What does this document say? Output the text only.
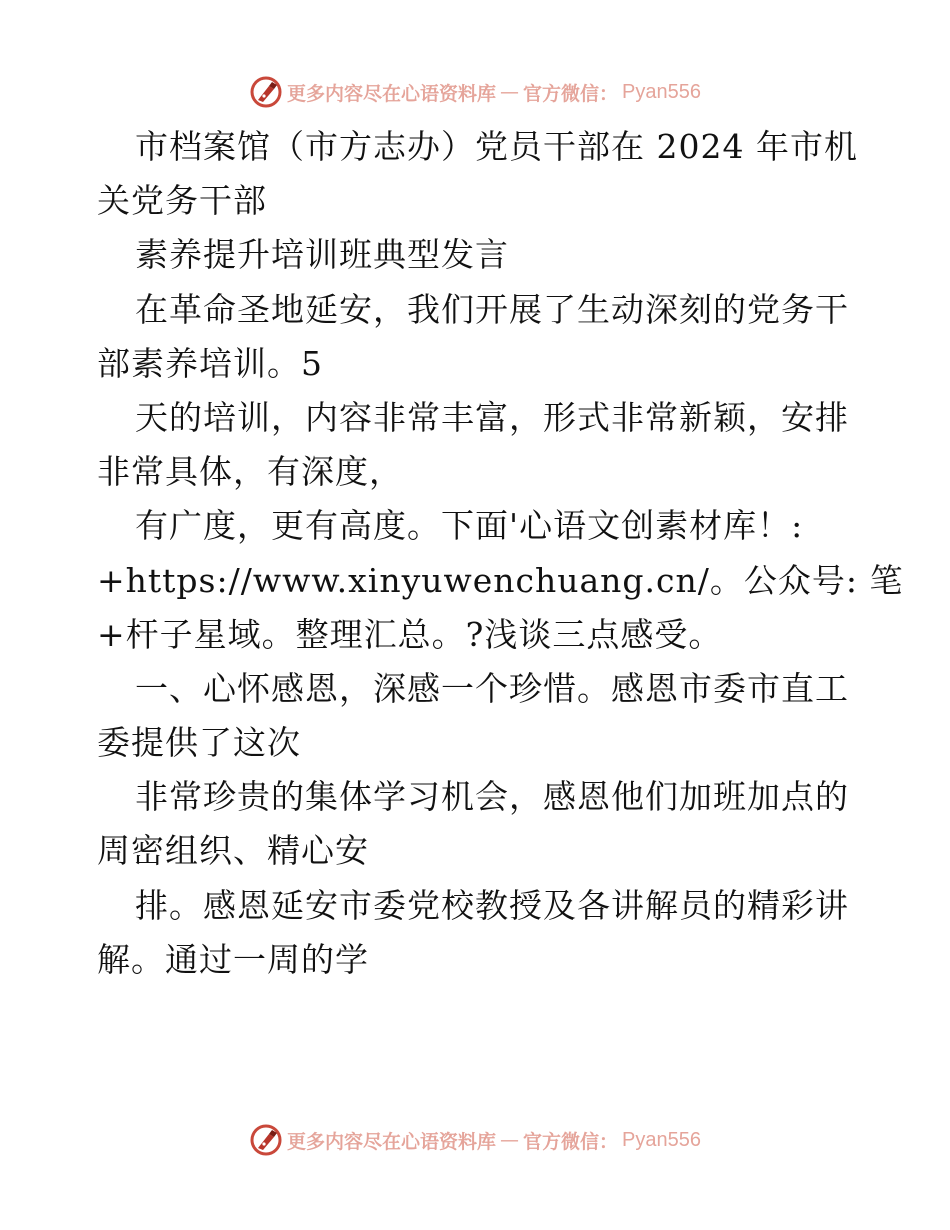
更多内容尽在心语资料库 — 官方微信： Pyan556
市档案馆（市方志办）党员干部在 2024 年市机
关党务干部
素养提升培训班典型发言
在革命圣地延安，我们开展了生动深刻的党务干
部素养培训。5
天的培训，内容非常丰富，形式非常新颖，安排
非常具体，有深度，
有广度，更有高度。下面'心语文创素材库！:
+https://www.xinyuwenchuang.cn/。公众号: 笔
+杆子星域。整理汇总。?浅谈三点感受。
一、心怀感恩，深感一个珍惜。感恩市委市直工
委提供了这次
非常珍贵的集体学习机会，感恩他们加班加点的
周密组织、精心安
排。感恩延安市委党校教授及各讲解员的精彩讲
解。通过一周的学
更多内容尽在心语资料库 — 官方微信： Pyan556
